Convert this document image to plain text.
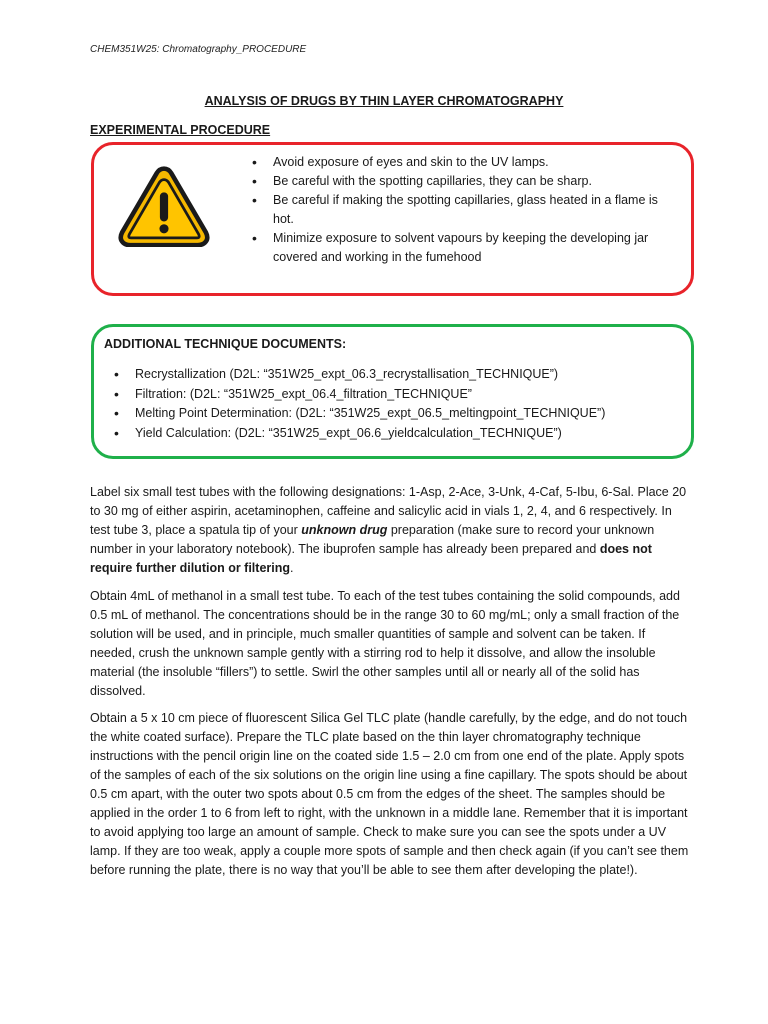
CHEM351W25: Chromatography_PROCEDURE
ANALYSIS OF DRUGS BY THIN LAYER CHROMATOGRAPHY
EXPERIMENTAL PROCEDURE
• Avoid exposure of eyes and skin to the UV lamps.
• Be careful with the spotting capillaries, they can be sharp.
• Be careful if making the spotting capillaries, glass heated in a flame is hot.
• Minimize exposure to solvent vapours by keeping the developing jar covered and working in the fumehood
ADDITIONAL TECHNIQUE DOCUMENTS:
• Recrystallization (D2L: “351W25_expt_06.3_recrystallisation_TECHNIQUE”)
• Filtration: (D2L: “351W25_expt_06.4_filtration_TECHNIQUE”
• Melting Point Determination: (D2L: “351W25_expt_06.5_meltingpoint_TECHNIQUE”)
• Yield Calculation: (D2L: “351W25_expt_06.6_yieldcalculation_TECHNIQUE”)

Label six small test tubes with the following designations: 1-Asp, 2-Ace, 3-Unk, 4-Caf, 5-Ibu, 6-Sal. Place 20 to 30 mg of either aspirin, acetaminophen, caffeine and salicylic acid in vials 1, 2, 4, and 6 respectively. In test tube 3, place a spatula tip of your unknown drug preparation (make sure to record your unknown number in your laboratory notebook). The ibuprofen sample has already been prepared and does not require further dilution or filtering.

Obtain 4mL of methanol in a small test tube. To each of the test tubes containing the solid compounds, add 0.5 mL of methanol. The concentrations should be in the range 30 to 60 mg/mL; only a small fraction of the solution will be used, and in principle, much smaller quantities of sample and solvent can be taken. If needed, crush the unknown sample gently with a stirring rod to help it dissolve, and allow the insoluble material (the insoluble “fillers”) to settle. Swirl the other samples until all or nearly all of the solid has dissolved.

Obtain a 5 x 10 cm piece of fluorescent Silica Gel TLC plate (handle carefully, by the edge, and do not touch the white coated surface). Prepare the TLC plate based on the thin layer chromatography technique instructions with the pencil origin line on the coated side 1.5 – 2.0 cm from one end of the plate. Apply spots of the samples of each of the six solutions on the origin line using a fine capillary. The spots should be about 0.5 cm apart, with the outer two spots about 0.5 cm from the edges of the sheet. The samples should be applied in the order 1 to 6 from left to right, with the unknown in a middle lane. Remember that it is important to avoid applying too large an amount of sample. Check to make sure you can see the spots under a UV lamp. If they are too weak, apply a couple more spots of sample and then check again (if you can’t see them before running the plate, there is no way that you’ll be able to see them after developing the plate!).
